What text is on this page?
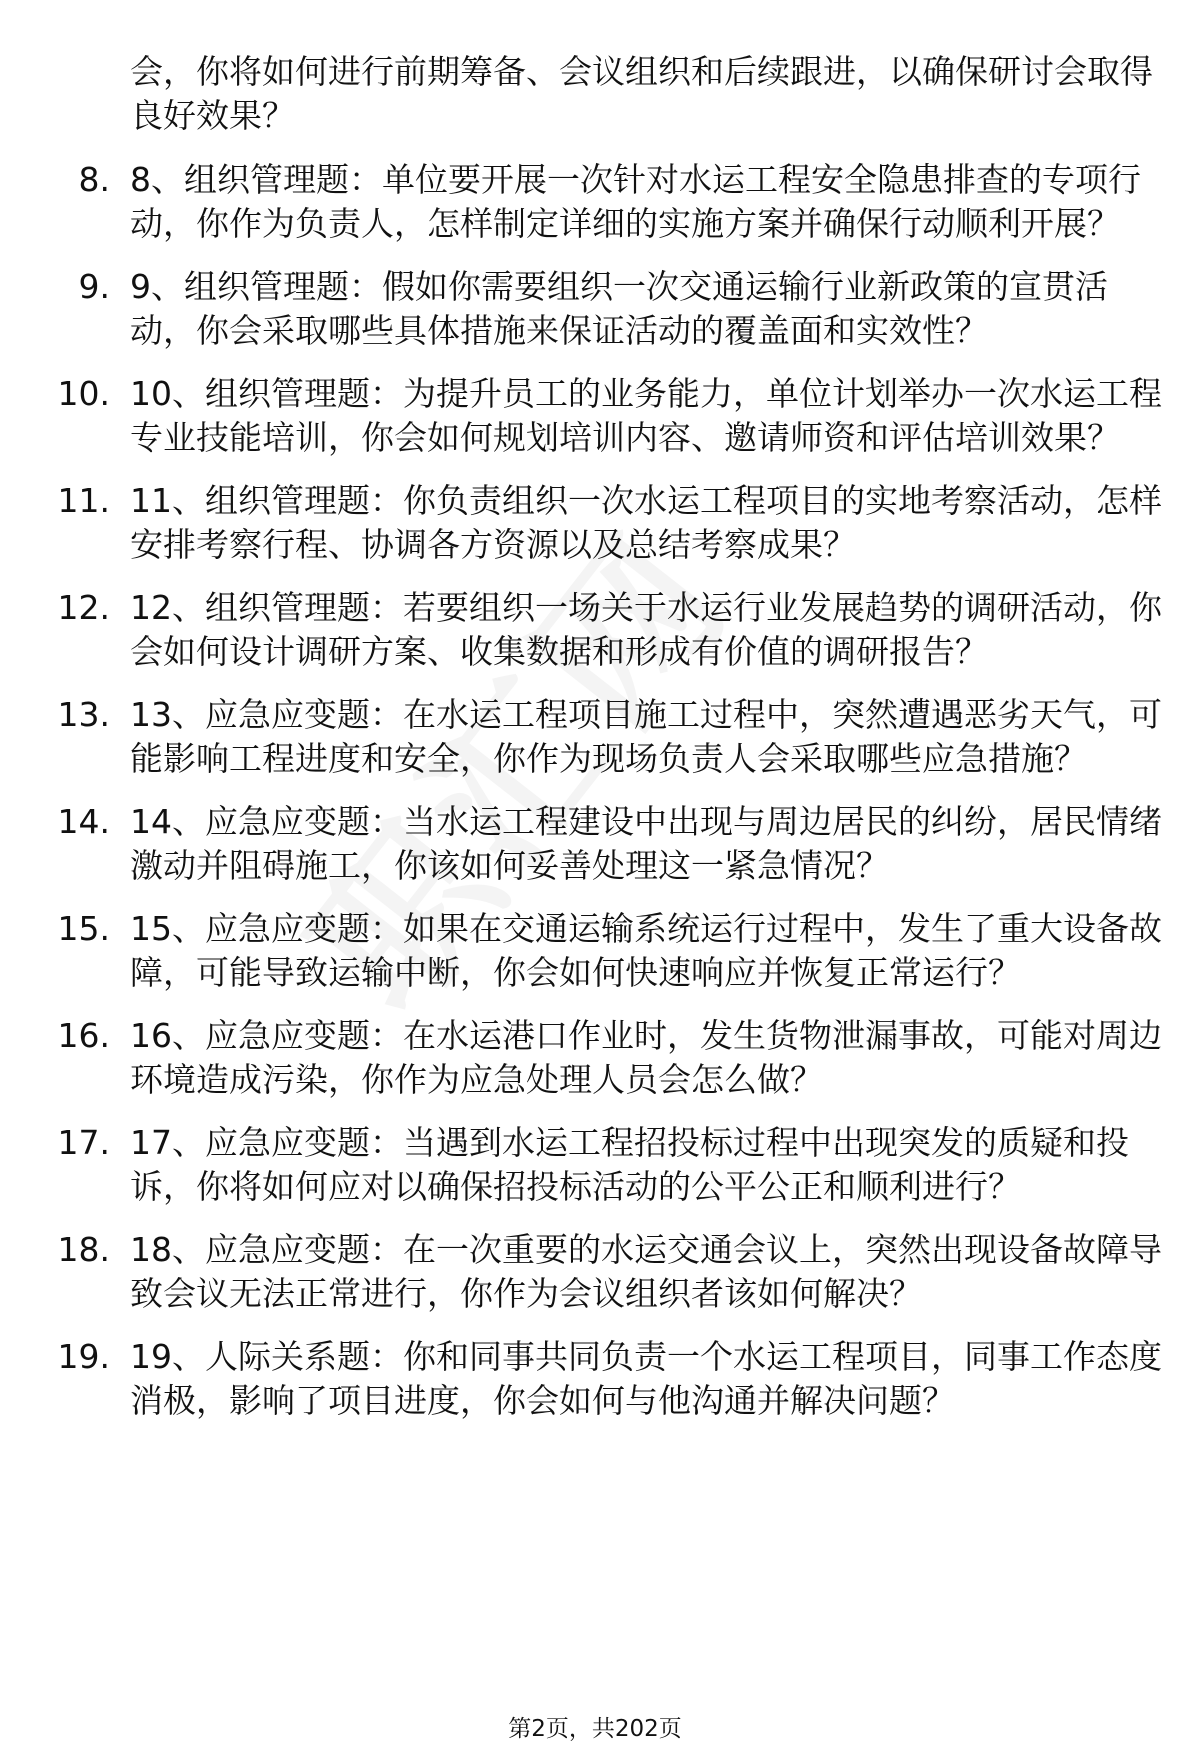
会，你将如何进行前期筹备、会议组织和后续跟进，以确保研讨会取得良好效果？

8. 8、组织管理题：单位要开展一次针对水运工程安全隐患排查的专项行动，你作为负责人，怎样制定详细的实施方案并确保行动顺利开展？
9. 9、组织管理题：假如你需要组织一次交通运输行业新政策的宣贯活动，你会采取哪些具体措施来保证活动的覆盖面和实效性？
10. 10、组织管理题：为提升员工的业务能力，单位计划举办一次水运工程专业技能培训，你会如何规划培训内容、邀请师资和评估培训效果？
11. 11、组织管理题：你负责组织一次水运工程项目的实地考察活动，怎样安排考察行程、协调各方资源以及总结考察成果？
12. 12、组织管理题：若要组织一场关于水运行业发展趋势的调研活动，你会如何设计调研方案、收集数据和形成有价值的调研报告？
13. 13、应急应变题：在水运工程项目施工过程中，突然遭遇恶劣天气，可能影响工程进度和安全，你作为现场负责人会采取哪些应急措施？
14. 14、应急应变题：当水运工程建设中出现与周边居民的纠纷，居民情绪激动并阻碍施工，你该如何妥善处理这一紧急情况？
15. 15、应急应变题：如果在交通运输系统运行过程中，发生了重大设备故障，可能导致运输中断，你会如何快速响应并恢复正常运行？
16. 16、应急应变题：在水运港口作业时，发生货物泄漏事故，可能对周边环境造成污染，你作为应急处理人员会怎么做？
17. 17、应急应变题：当遇到水运工程招投标过程中出现突发的质疑和投诉，你将如何应对以确保招投标活动的公平公正和顺利进行？
18. 18、应急应变题：在一次重要的水运交通会议上，突然出现设备故障导致会议无法正常进行，你作为会议组织者该如何解决？
19. 19、人际关系题：你和同事共同负责一个水运工程项目，同事工作态度消极，影响了项目进度，你会如何与他沟通并解决问题？
第2页，共202页
